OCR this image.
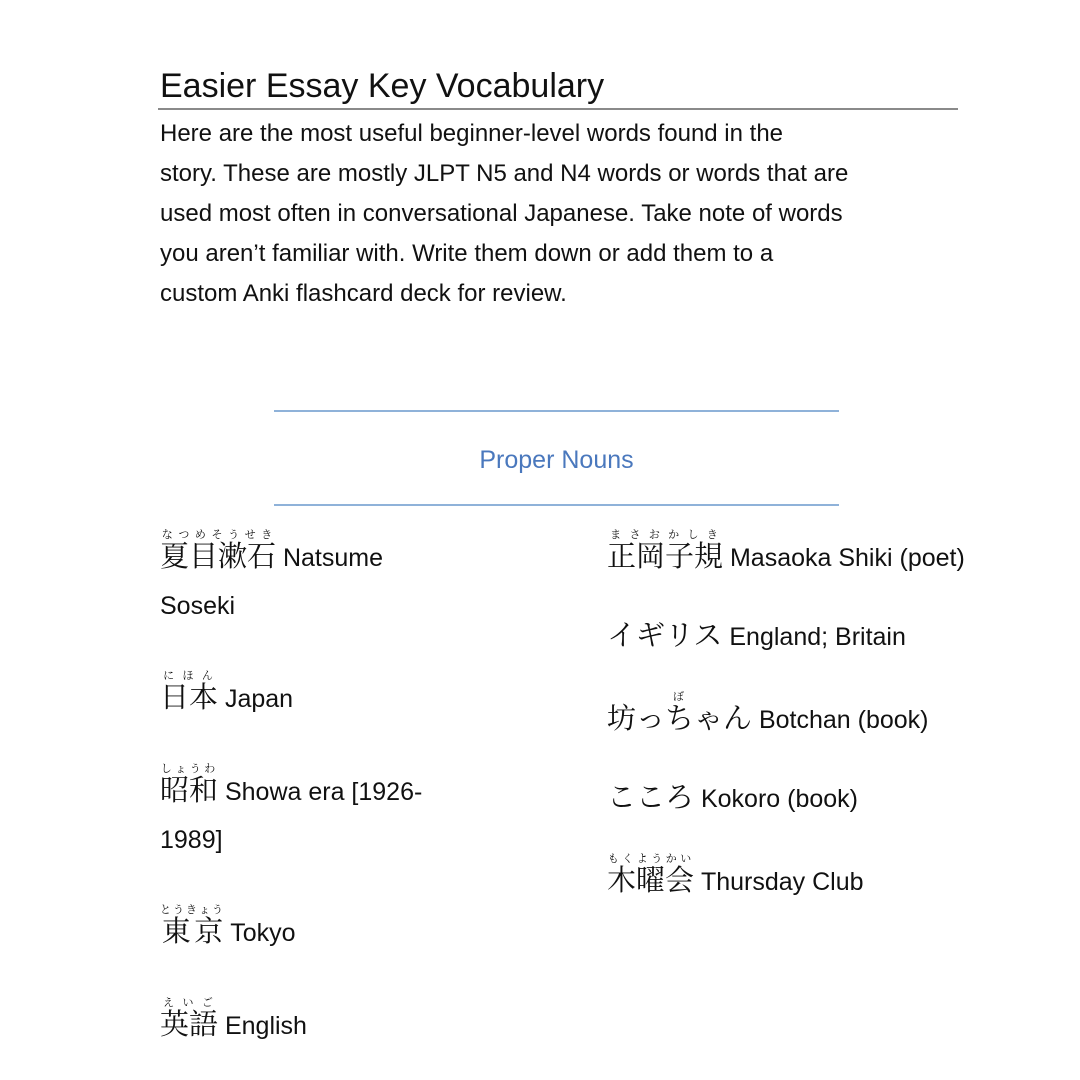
Easier Essay Key Vocabulary

Here are the most useful beginner-level words found in the
story. These are mostly JLPT N5 and N4 words or words that are
used most often in conversational Japanese. Take note of words
you aren’t familiar with. Write them down or add them to a
custom Anki flashcard deck for review.

Proper Nouns
夏目漱石なつめそうせき Natsume Soseki
日本にほん Japan
昭和しょうわ Showa era [1926-1989]
東京とうきょう Tokyo
英語えいご English
正岡子規まさおかしき Masaoka Shiki (poet)
イギリス England; Britain
坊っちゃんぼ Botchan (book)
こころ Kokoro (book)
木曜会もくようかい Thursday Club
